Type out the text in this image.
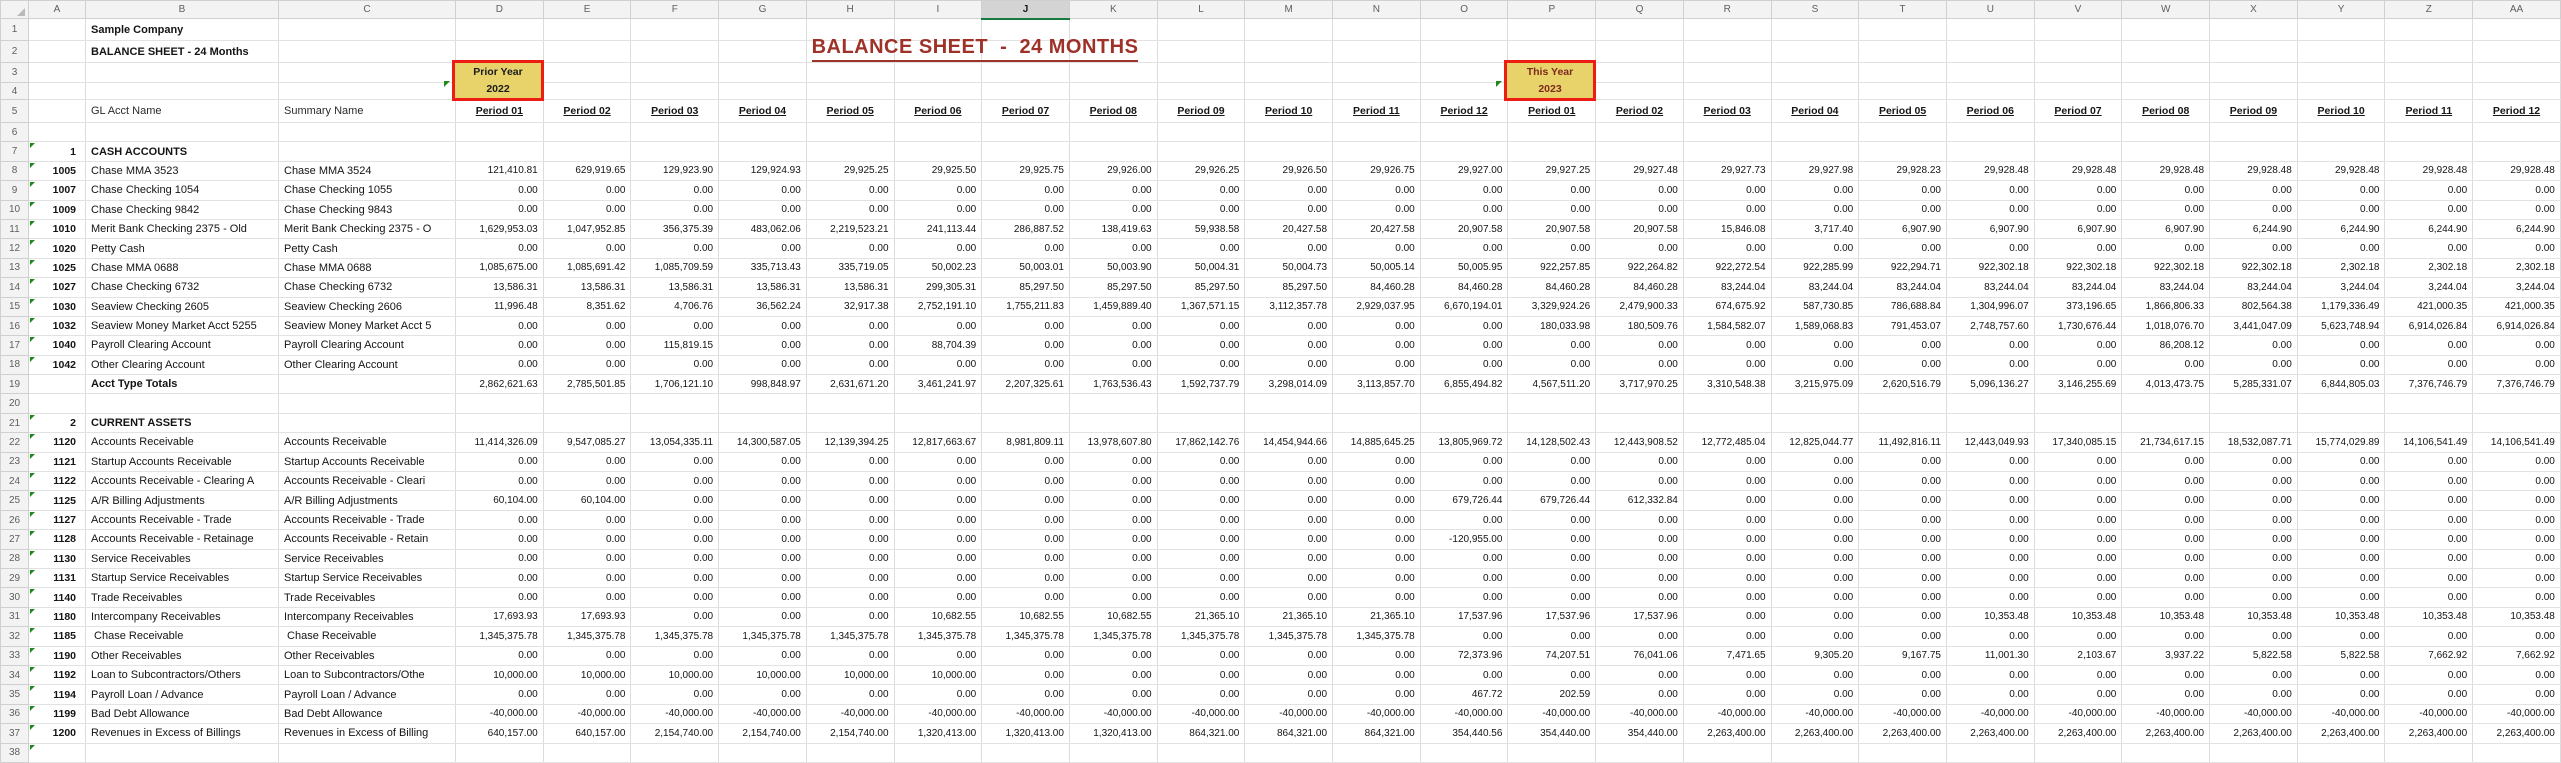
	A	B	C	D	E	F	G	H	I	J	K	L	M	N	O	P	Q	R	S	T	U	V	W	X	Y	Z	AA
1		Sample Company																									
2		BALANCE SHEET - 24 Months																									
3																											
4																											
5		GL Acct Name	Summary Name	Period 01	Period 02	Period 03	Period 04	Period 05	Period 06	Period 07	Period 08	Period 09	Period 10	Period 11	Period 12	Period 01	Period 02	Period 03	Period 04	Period 05	Period 06	Period 07	Period 08	Period 09	Period 10	Period 11	Period 12
6																											
7	1	CASH ACCOUNTS																									
8	1005	Chase MMA 3523	Chase MMA 3524	121,410.81	629,919.65	129,923.90	129,924.93	29,925.25	29,925.50	29,925.75	29,926.00	29,926.25	29,926.50	29,926.75	29,927.00	29,927.25	29,927.48	29,927.73	29,927.98	29,928.23	29,928.48	29,928.48	29,928.48	29,928.48	29,928.48	29,928.48	29,928.48
9	1007	Chase Checking 1054	Chase Checking 1055	0.00	0.00	0.00	0.00	0.00	0.00	0.00	0.00	0.00	0.00	0.00	0.00	0.00	0.00	0.00	0.00	0.00	0.00	0.00	0.00	0.00	0.00	0.00	0.00
10	1009	Chase Checking 9842	Chase Checking 9843	0.00	0.00	0.00	0.00	0.00	0.00	0.00	0.00	0.00	0.00	0.00	0.00	0.00	0.00	0.00	0.00	0.00	0.00	0.00	0.00	0.00	0.00	0.00	0.00
11	1010	Merit Bank Checking 2375 - Old	Merit Bank Checking 2375 - O	1,629,953.03	1,047,952.85	356,375.39	483,062.06	2,219,523.21	241,113.44	286,887.52	138,419.63	59,938.58	20,427.58	20,427.58	20,907.58	20,907.58	20,907.58	15,846.08	3,717.40	6,907.90	6,907.90	6,907.90	6,907.90	6,244.90	6,244.90	6,244.90	6,244.90
12	1020	Petty Cash	Petty Cash	0.00	0.00	0.00	0.00	0.00	0.00	0.00	0.00	0.00	0.00	0.00	0.00	0.00	0.00	0.00	0.00	0.00	0.00	0.00	0.00	0.00	0.00	0.00	0.00
13	1025	Chase MMA 0688	Chase MMA 0688	1,085,675.00	1,085,691.42	1,085,709.59	335,713.43	335,719.05	50,002.23	50,003.01	50,003.90	50,004.31	50,004.73	50,005.14	50,005.95	922,257.85	922,264.82	922,272.54	922,285.99	922,294.71	922,302.18	922,302.18	922,302.18	922,302.18	2,302.18	2,302.18	2,302.18
14	1027	Chase Checking 6732	Chase Checking 6732	13,586.31	13,586.31	13,586.31	13,586.31	13,586.31	299,305.31	85,297.50	85,297.50	85,297.50	85,297.50	84,460.28	84,460.28	84,460.28	84,460.28	83,244.04	83,244.04	83,244.04	83,244.04	83,244.04	83,244.04	83,244.04	3,244.04	3,244.04	3,244.04
15	1030	Seaview Checking 2605	Seaview Checking 2606	11,996.48	8,351.62	4,706.76	36,562.24	32,917.38	2,752,191.10	1,755,211.83	1,459,889.40	1,367,571.15	3,112,357.78	2,929,037.95	6,670,194.01	3,329,924.26	2,479,900.33	674,675.92	587,730.85	786,688.84	1,304,996.07	373,196.65	1,866,806.33	802,564.38	1,179,336.49	421,000.35	421,000.35
16	1032	Seaview Money Market Acct 5255	Seaview Money Market Acct 5	0.00	0.00	0.00	0.00	0.00	0.00	0.00	0.00	0.00	0.00	0.00	0.00	180,033.98	180,509.76	1,584,582.07	1,589,068.83	791,453.07	2,748,757.60	1,730,676.44	1,018,076.70	3,441,047.09	5,623,748.94	6,914,026.84	6,914,026.84
17	1040	Payroll Clearing Account	Payroll Clearing Account	0.00	0.00	115,819.15	0.00	0.00	88,704.39	0.00	0.00	0.00	0.00	0.00	0.00	0.00	0.00	0.00	0.00	0.00	0.00	0.00	86,208.12	0.00	0.00	0.00	0.00
18	1042	Other Clearing Account	Other Clearing Account	0.00	0.00	0.00	0.00	0.00	0.00	0.00	0.00	0.00	0.00	0.00	0.00	0.00	0.00	0.00	0.00	0.00	0.00	0.00	0.00	0.00	0.00	0.00	0.00
19		Acct Type Totals		2,862,621.63	2,785,501.85	1,706,121.10	998,848.97	2,631,671.20	3,461,241.97	2,207,325.61	1,763,536.43	1,592,737.79	3,298,014.09	3,113,857.70	6,855,494.82	4,567,511.20	3,717,970.25	3,310,548.38	3,215,975.09	2,620,516.79	5,096,136.27	3,146,255.69	4,013,473.75	5,285,331.07	6,844,805.03	7,376,746.79	7,376,746.79
20																											
21	2	CURRENT ASSETS																									
22	1120	Accounts Receivable	Accounts Receivable	11,414,326.09	9,547,085.27	13,054,335.11	14,300,587.05	12,139,394.25	12,817,663.67	8,981,809.11	13,978,607.80	17,862,142.76	14,454,944.66	14,885,645.25	13,805,969.72	14,128,502.43	12,443,908.52	12,772,485.04	12,825,044.77	11,492,816.11	12,443,049.93	17,340,085.15	21,734,617.15	18,532,087.71	15,774,029.89	14,106,541.49	14,106,541.49
23	1121	Startup Accounts Receivable	Startup Accounts Receivable	0.00	0.00	0.00	0.00	0.00	0.00	0.00	0.00	0.00	0.00	0.00	0.00	0.00	0.00	0.00	0.00	0.00	0.00	0.00	0.00	0.00	0.00	0.00	0.00
24	1122	Accounts Receivable - Clearing A	Accounts Receivable - Cleari	0.00	0.00	0.00	0.00	0.00	0.00	0.00	0.00	0.00	0.00	0.00	0.00	0.00	0.00	0.00	0.00	0.00	0.00	0.00	0.00	0.00	0.00	0.00	0.00
25	1125	A/R Billing Adjustments	A/R Billing Adjustments	60,104.00	60,104.00	0.00	0.00	0.00	0.00	0.00	0.00	0.00	0.00	0.00	679,726.44	679,726.44	612,332.84	0.00	0.00	0.00	0.00	0.00	0.00	0.00	0.00	0.00	0.00
26	1127	Accounts Receivable - Trade	Accounts Receivable - Trade	0.00	0.00	0.00	0.00	0.00	0.00	0.00	0.00	0.00	0.00	0.00	0.00	0.00	0.00	0.00	0.00	0.00	0.00	0.00	0.00	0.00	0.00	0.00	0.00
27	1128	Accounts Receivable - Retainage	Accounts Receivable - Retain	0.00	0.00	0.00	0.00	0.00	0.00	0.00	0.00	0.00	0.00	0.00	-120,955.00	0.00	0.00	0.00	0.00	0.00	0.00	0.00	0.00	0.00	0.00	0.00	0.00
28	1130	Service Receivables	Service Receivables	0.00	0.00	0.00	0.00	0.00	0.00	0.00	0.00	0.00	0.00	0.00	0.00	0.00	0.00	0.00	0.00	0.00	0.00	0.00	0.00	0.00	0.00	0.00	0.00
29	1131	Startup Service Receivables	Startup Service Receivables	0.00	0.00	0.00	0.00	0.00	0.00	0.00	0.00	0.00	0.00	0.00	0.00	0.00	0.00	0.00	0.00	0.00	0.00	0.00	0.00	0.00	0.00	0.00	0.00
30	1140	Trade Receivables	Trade Receivables	0.00	0.00	0.00	0.00	0.00	0.00	0.00	0.00	0.00	0.00	0.00	0.00	0.00	0.00	0.00	0.00	0.00	0.00	0.00	0.00	0.00	0.00	0.00	0.00
31	1180	Intercompany Receivables	Intercompany Receivables	17,693.93	17,693.93	0.00	0.00	0.00	10,682.55	10,682.55	10,682.55	21,365.10	21,365.10	21,365.10	17,537.96	17,537.96	17,537.96	0.00	0.00	0.00	10,353.48	10,353.48	10,353.48	10,353.48	10,353.48	10,353.48	10,353.48
32	1185	Chase Receivable	Chase Receivable	1,345,375.78	1,345,375.78	1,345,375.78	1,345,375.78	1,345,375.78	1,345,375.78	1,345,375.78	1,345,375.78	1,345,375.78	1,345,375.78	1,345,375.78	0.00	0.00	0.00	0.00	0.00	0.00	0.00	0.00	0.00	0.00	0.00	0.00	0.00
33	1190	Other Receivables	Other Receivables	0.00	0.00	0.00	0.00	0.00	0.00	0.00	0.00	0.00	0.00	0.00	72,373.96	74,207.51	76,041.06	7,471.65	9,305.20	9,167.75	11,001.30	2,103.67	3,937.22	5,822.58	5,822.58	7,662.92	7,662.92
34	1192	Loan to Subcontractors/Others	Loan to Subcontractors/Othe	10,000.00	10,000.00	10,000.00	10,000.00	10,000.00	10,000.00	0.00	0.00	0.00	0.00	0.00	0.00	0.00	0.00	0.00	0.00	0.00	0.00	0.00	0.00	0.00	0.00	0.00	0.00
35	1194	Payroll Loan / Advance	Payroll Loan / Advance	0.00	0.00	0.00	0.00	0.00	0.00	0.00	0.00	0.00	0.00	0.00	467.72	202.59	0.00	0.00	0.00	0.00	0.00	0.00	0.00	0.00	0.00	0.00	0.00
36	1199	Bad Debt Allowance	Bad Debt Allowance	-40,000.00	-40,000.00	-40,000.00	-40,000.00	-40,000.00	-40,000.00	-40,000.00	-40,000.00	-40,000.00	-40,000.00	-40,000.00	-40,000.00	-40,000.00	-40,000.00	-40,000.00	-40,000.00	-40,000.00	-40,000.00	-40,000.00	-40,000.00	-40,000.00	-40,000.00	-40,000.00	-40,000.00
37	1200	Revenues in Excess of Billings	Revenues in Excess of Billing	640,157.00	640,157.00	2,154,740.00	2,154,740.00	2,154,740.00	1,320,413.00	1,320,413.00	1,320,413.00	864,321.00	864,321.00	864,321.00	354,440.56	354,440.00	354,440.00	2,263,400.00	2,263,400.00	2,263,400.00	2,263,400.00	2,263,400.00	2,263,400.00	2,263,400.00	2,263,400.00	2,263,400.00	2,263,400.00
38	

BALANCE SHEET  -  24 MONTHS
Prior Year
2022
This Year
2023
